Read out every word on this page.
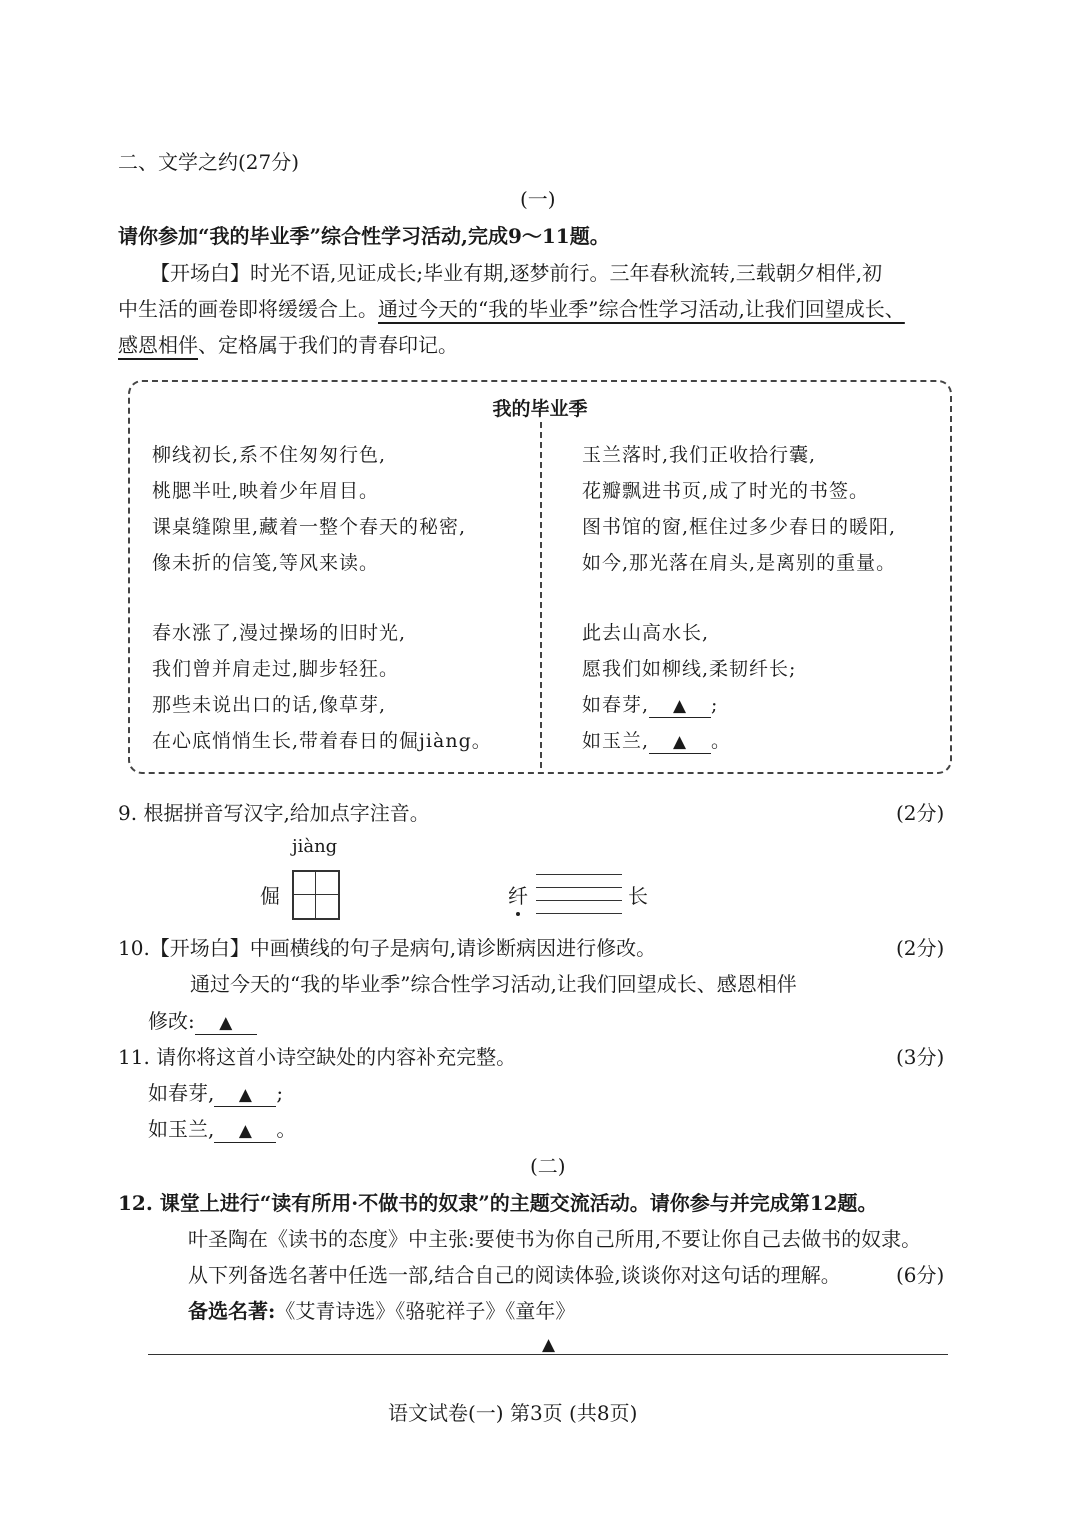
二、文学之约(27分)
(一)
请你参加“我的毕业季”综合性学习活动,完成9～11题。
【开场白】时光不语,见证成长;毕业有期,逐梦前行。三年春秋流转,三载朝夕相伴,初
中生活的画卷即将缓缓合上。通过今天的“我的毕业季”综合性学习活动,让我们回望成长、
感恩相伴、定格属于我们的青春印记。
我的毕业季
柳线初长,系不住匆匆行色,
桃腮半吐,映着少年眉目。
课桌缝隙里,藏着一整个春天的秘密,
像未折的信笺,等风来读。
春水涨了,漫过操场的旧时光,
我们曾并肩走过,脚步轻狂。
那些未说出口的话,像草芽,
在心底悄悄生长,带着春日的倔jiàng。
玉兰落时,我们正收拾行囊,
花瓣飘进书页,成了时光的书签。
图书馆的窗,框住过多少春日的暖阳,
如今,那光落在肩头,是离别的重量。
此去山高水长,
愿我们如柳线,柔韧纤长;
如春芽, ▲ ;
如玉兰, ▲ 。
9. 根据拼音写汉字,给加点字注音。	(2分)
jiàng
倔	纤	长
10.【开场白】中画横线的句子是病句,请诊断病因进行修改。	(2分)
通过今天的“我的毕业季”综合性学习活动,让我们回望成长、感恩相伴
修改: ▲
11. 请你将这首小诗空缺处的内容补充完整。	(3分)
如春芽, ▲ ;
如玉兰, ▲ 。
(二)
12. 课堂上进行“读有所用·不做书的奴隶”的主题交流活动。请你参与并完成第12题。
叶圣陶在《读书的态度》中主张:要使书为你自己所用,不要让你自己去做书的奴隶。
从下列备选名著中任选一部,结合自己的阅读体验,谈谈你对这句话的理解。	(6分)
备选名著:《艾青诗选》《骆驼祥子》《童年》
▲
语文试卷(一) 第3页 (共8页)
